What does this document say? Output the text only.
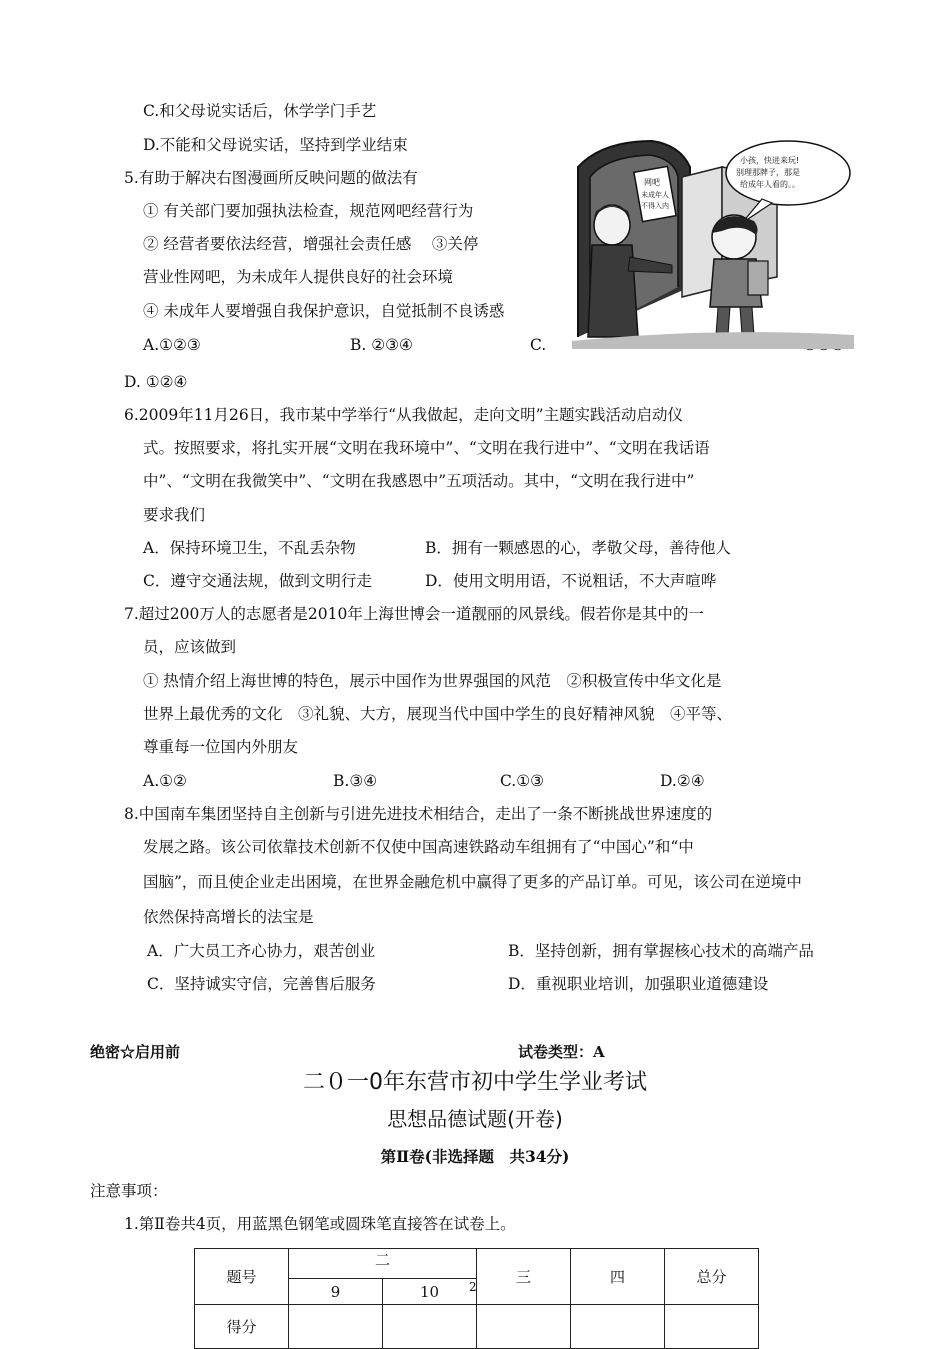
C.和父母说实话后，休学学门手艺
D.不能和父母说实话，坚持到学业结束
5.有助于解决右图漫画所反映问题的做法有
① 有关部门要加强执法检查，规范网吧经营行为
② 经营者要依法经营，增强社会责任感　 ③关停
营业性网吧，为未成年人提供良好的社会环境
④ 未成年人要增强自我保护意识，自觉抵制不良诱惑
A.①②③	B. ②③④	C.
D. ①②④
网吧
未成年人
不得入内
小孩，快进来玩!
别理那牌子，那是
给成年人看的。。
6.2009年11月26日，我市某中学举行“从我做起，走向文明”主题实践活动启动仪
式。按照要求，将扎实开展“文明在我环境中”、“文明在我行进中”、“文明在我话语
中”、“文明在我微笑中”、“文明在我感恩中”五项活动。其中，“文明在我行进中”
要求我们
A．保持环境卫生，不乱丢杂物	B．拥有一颗感恩的心，孝敬父母，善待他人
C．遵守交通法规，做到文明行走	D．使用文明用语，不说粗话，不大声喧哗
7.超过200万人的志愿者是2010年上海世博会一道靓丽的风景线。假若你是其中的一
员，应该做到
① 热情介绍上海世博的特色，展示中国作为世界强国的风范　②积极宣传中华文化是
世界上最优秀的文化　③礼貌、大方，展现当代中国中学生的良好精神风貌　④平等、
尊重每一位国内外朋友
A.①②	B.③④	C.①③	D.②④
8.中国南车集团坚持自主创新与引进先进技术相结合，走出了一条不断挑战世界速度的
发展之路。该公司依靠技术创新不仅使中国高速铁路动车组拥有了“中国心”和“中
国脑”，而且使企业走出困境，在世界金融危机中赢得了更多的产品订单。可见，该公司在逆境中
依然保持高增长的法宝是
A．广大员工齐心协力，艰苦创业	B．坚持创新，拥有掌握核心技术的高端产品
C．坚持诚实守信，完善售后服务	D．重视职业培训，加强职业道德建设
绝密☆启用前	试卷类型：A
二０一0年东营市初中学生学业考试
思想品德试题(开卷)
第Ⅱ卷(非选择题　共34分)
注意事项：
1.第Ⅱ卷共4页，用蓝黑色钢笔或圆珠笔直接答在试卷上。
题号	二		三	四	总分
	9	10			
得分					
2
